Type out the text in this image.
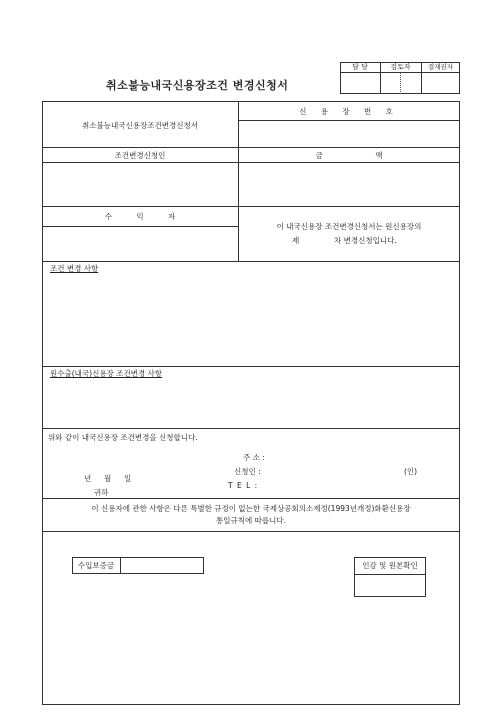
취소불능내국신용장조건 변경신청서
담 당	검토자	결재권자
취소불능내국신용장조건변경신청서
신 용 장 번 호
조건변경신청인	금 액
수 익 자
이 내국신용장 조건변경신청서는 원신용장의
제	차 변경신청입니다.
조건 변경 사항
원수출(내국)신용장 조건변경 사항
위와 같이 내국신용장 조건변경을 신청합니다.
주 소 :
신청인 :	(인)
T E L :
년 월 일
귀하
이 신용자에 관한 사항은 다른 특별한 규정이 없는한 국제상공회의소제정(1993년개정)화환신용장
통일규칙에 따릅니다.
수입보증금	인감 및 원본확인
